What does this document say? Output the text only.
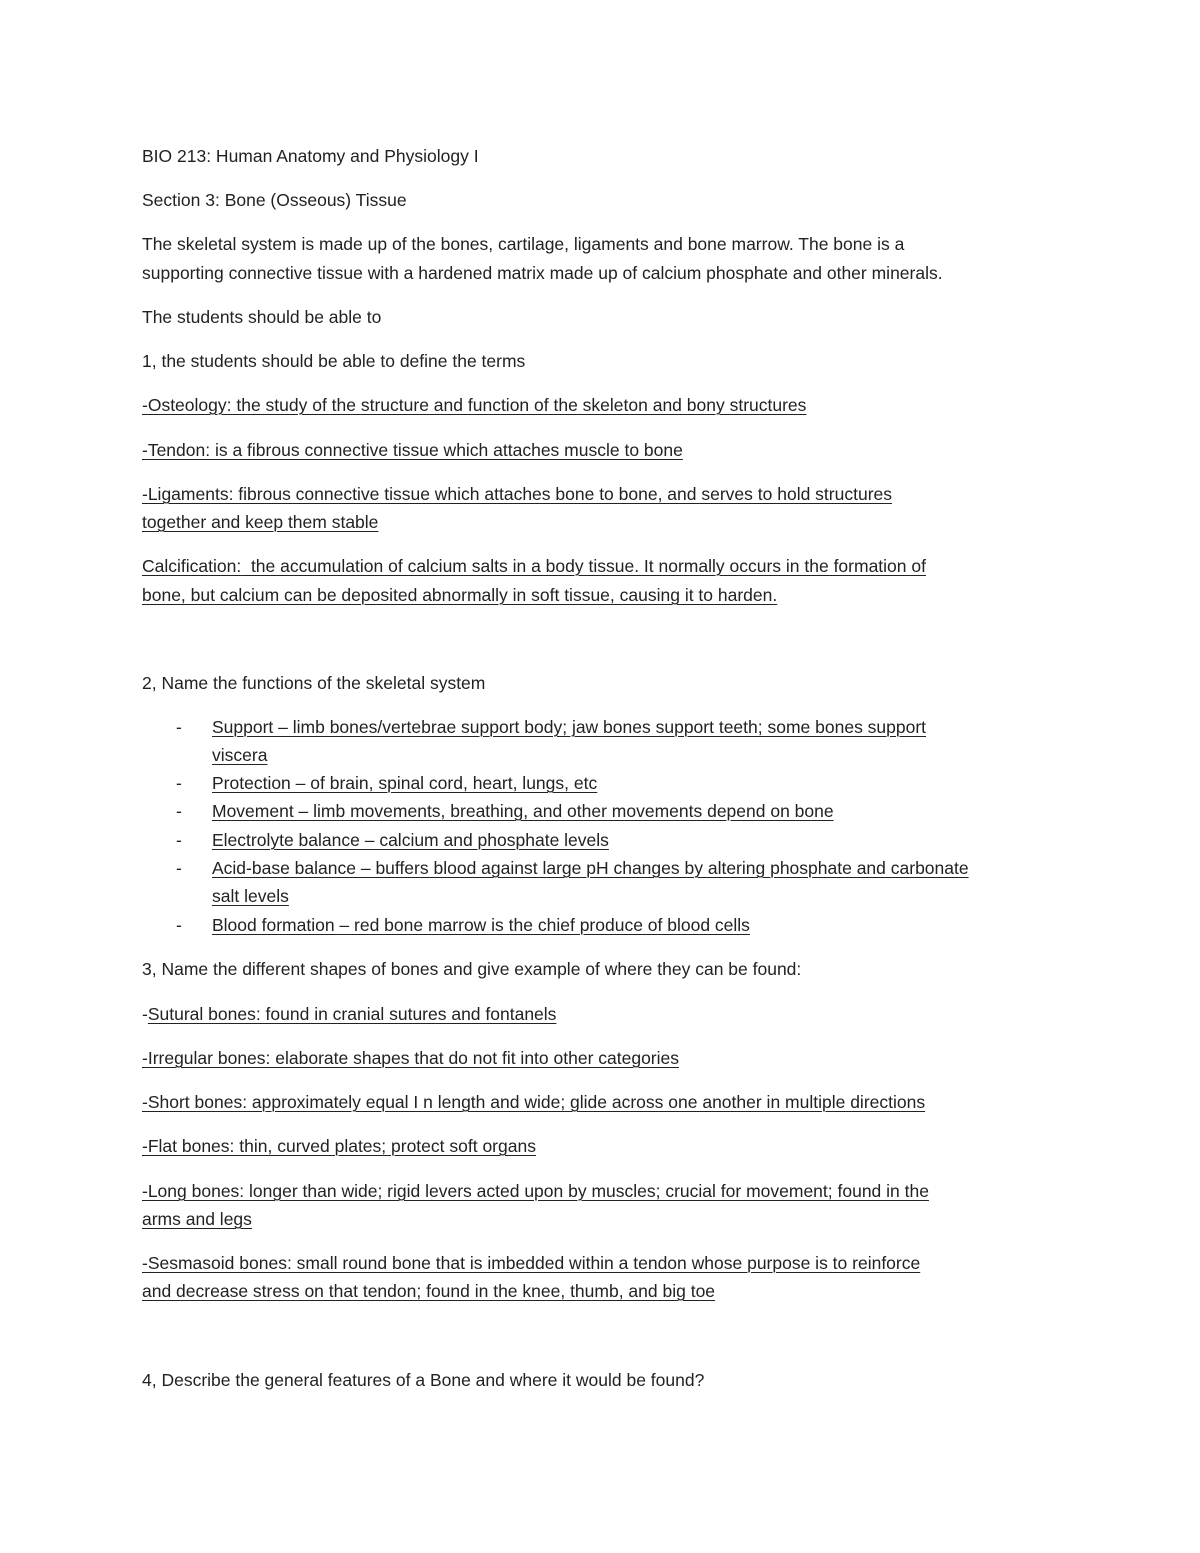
BIO 213: Human Anatomy and Physiology I

Section 3: Bone (Osseous) Tissue

The skeletal system is made up of the bones, cartilage, ligaments and bone marrow. The bone is a

supporting connective tissue with a hardened matrix made up of calcium phosphate and other minerals.

The students should be able to

1, the students should be able to define the terms

-Osteology: the study of the structure and function of the skeleton and bony structures

-Tendon: is a fibrous connective tissue which attaches muscle to bone

-Ligaments: fibrous connective tissue which attaches bone to bone, and serves to hold structures

together and keep them stable

Calcification:  the accumulation of calcium salts in a body tissue. It normally occurs in the formation of

bone, but calcium can be deposited abnormally in soft tissue, causing it to harden.

2, Name the functions of the skeletal system

- Support – limb bones/vertebrae support body; jaw bones support teeth; some bones support
viscera
- Protection – of brain, spinal cord, heart, lungs, etc
- Movement – limb movements, breathing, and other movements depend on bone
- Electrolyte balance – calcium and phosphate levels
- Acid-base balance – buffers blood against large pH changes by altering phosphate and carbonate
salt levels
- Blood formation – red bone marrow is the chief produce of blood cells

3, Name the different shapes of bones and give example of where they can be found:

-Sutural bones: found in cranial sutures and fontanels

-Irregular bones: elaborate shapes that do not fit into other categories

-Short bones: approximately equal I n length and wide; glide across one another in multiple directions

-Flat bones: thin, curved plates; protect soft organs

-Long bones: longer than wide; rigid levers acted upon by muscles; crucial for movement; found in the

arms and legs

-Sesmasoid bones: small round bone that is imbedded within a tendon whose purpose is to reinforce

and decrease stress on that tendon; found in the knee, thumb, and big toe

4, Describe the general features of a Bone and where it would be found?
